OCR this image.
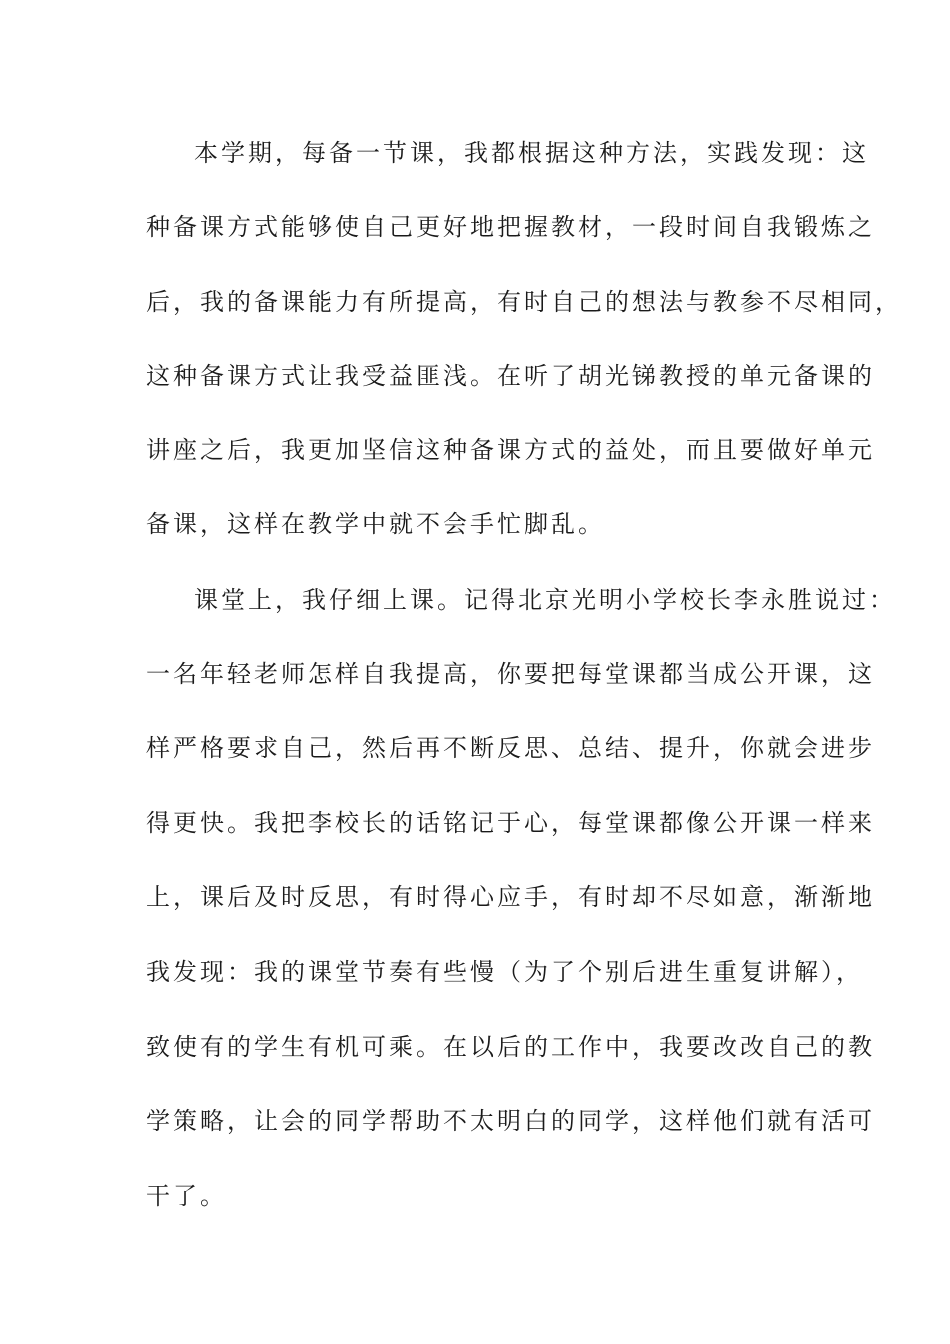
本学期，每备一节课，我都根据这种方法，实践发现：这
种备课方式能够使自己更好地把握教材，一段时间自我锻炼之
后，我的备课能力有所提高，有时自己的想法与教参不尽相同，
这种备课方式让我受益匪浅。在听了胡光锑教授的单元备课的
讲座之后，我更加坚信这种备课方式的益处，而且要做好单元
备课，这样在教学中就不会手忙脚乱。
课堂上，我仔细上课。记得北京光明小学校长李永胜说过：
一名年轻老师怎样自我提高，你要把每堂课都当成公开课，这
样严格要求自己，然后再不断反思、总结、提升，你就会进步
得更快。我把李校长的话铭记于心，每堂课都像公开课一样来
上，课后及时反思，有时得心应手，有时却不尽如意，渐渐地
我发现：我的课堂节奏有些慢（为了个别后进生重复讲解），
致使有的学生有机可乘。在以后的工作中，我要改改自己的教
学策略，让会的同学帮助不太明白的同学，这样他们就有活可
干了。
